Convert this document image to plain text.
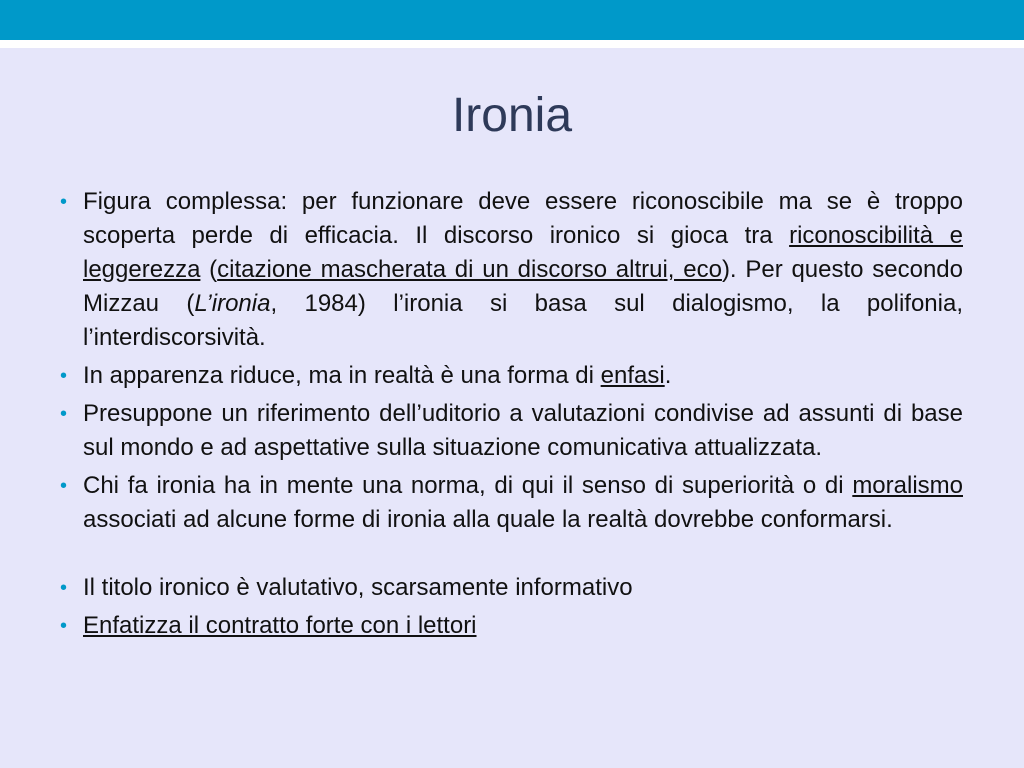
Ironia
• Figura complessa: per funzionare deve essere riconoscibile ma se è troppo scoperta perde di efficacia. Il discorso ironico si gioca tra riconoscibilità e leggerezza (citazione mascherata di un discorso altrui, eco). Per questo secondo Mizzau (L’ironia, 1984) l’ironia si basa sul dialogismo, la polifonia, l’interdiscorsività.
• In apparenza riduce, ma in realtà è una forma di enfasi.
• Presuppone un riferimento dell’uditorio a valutazioni condivise ad assunti di base sul mondo e ad aspettative sulla situazione comunicativa attualizzata.
• Chi fa ironia ha in mente una norma, di qui il senso di superiorità o di moralismo associati ad alcune forme di ironia alla quale la realtà dovrebbe conformarsi.
• Il titolo ironico è valutativo, scarsamente informativo
• Enfatizza il contratto forte con i lettori
